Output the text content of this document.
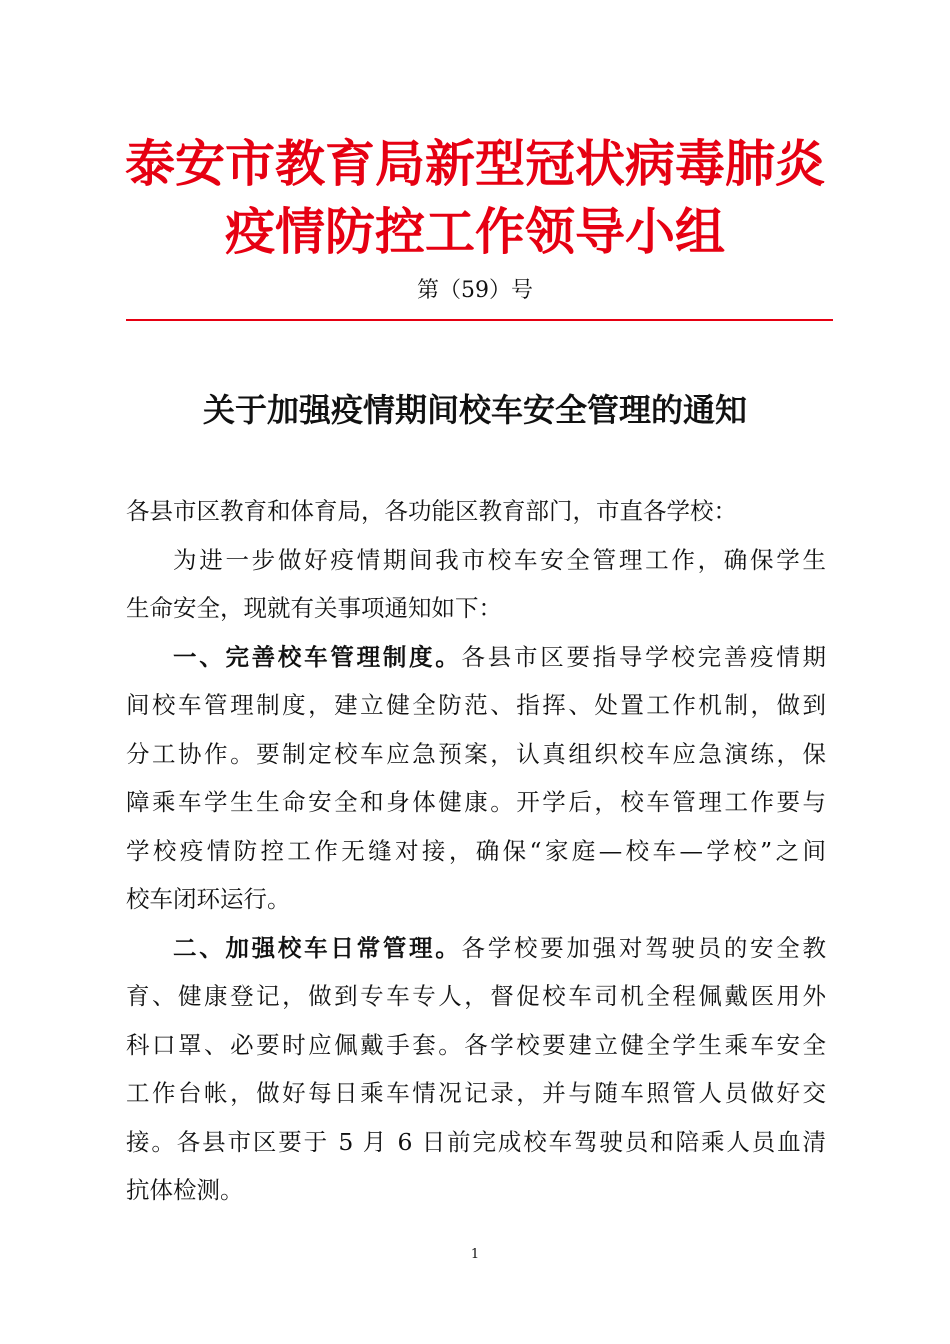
泰安市教育局新型冠状病毒肺炎
疫情防控工作领导小组
第（59）号
关于加强疫情期间校车安全管理的通知
各县市区教育和体育局，各功能区教育部门，市直各学校：
为进一步做好疫情期间我市校车安全管理工作，确保学生
生命安全，现就有关事项通知如下：
一、完善校车管理制度。各县市区要指导学校完善疫情期
间校车管理制度，建立健全防范、指挥、处置工作机制，做到
分工协作。要制定校车应急预案，认真组织校车应急演练，保
障乘车学生生命安全和身体健康。开学后，校车管理工作要与
学校疫情防控工作无缝对接，确保“家庭—校车—学校”之间
校车闭环运行。
二、加强校车日常管理。各学校要加强对驾驶员的安全教
育、健康登记，做到专车专人，督促校车司机全程佩戴医用外
科口罩、必要时应佩戴手套。各学校要建立健全学生乘车安全
工作台帐，做好每日乘车情况记录，并与随车照管人员做好交
接。各县市区要于 5 月 6 日前完成校车驾驶员和陪乘人员血清
抗体检测。
1
